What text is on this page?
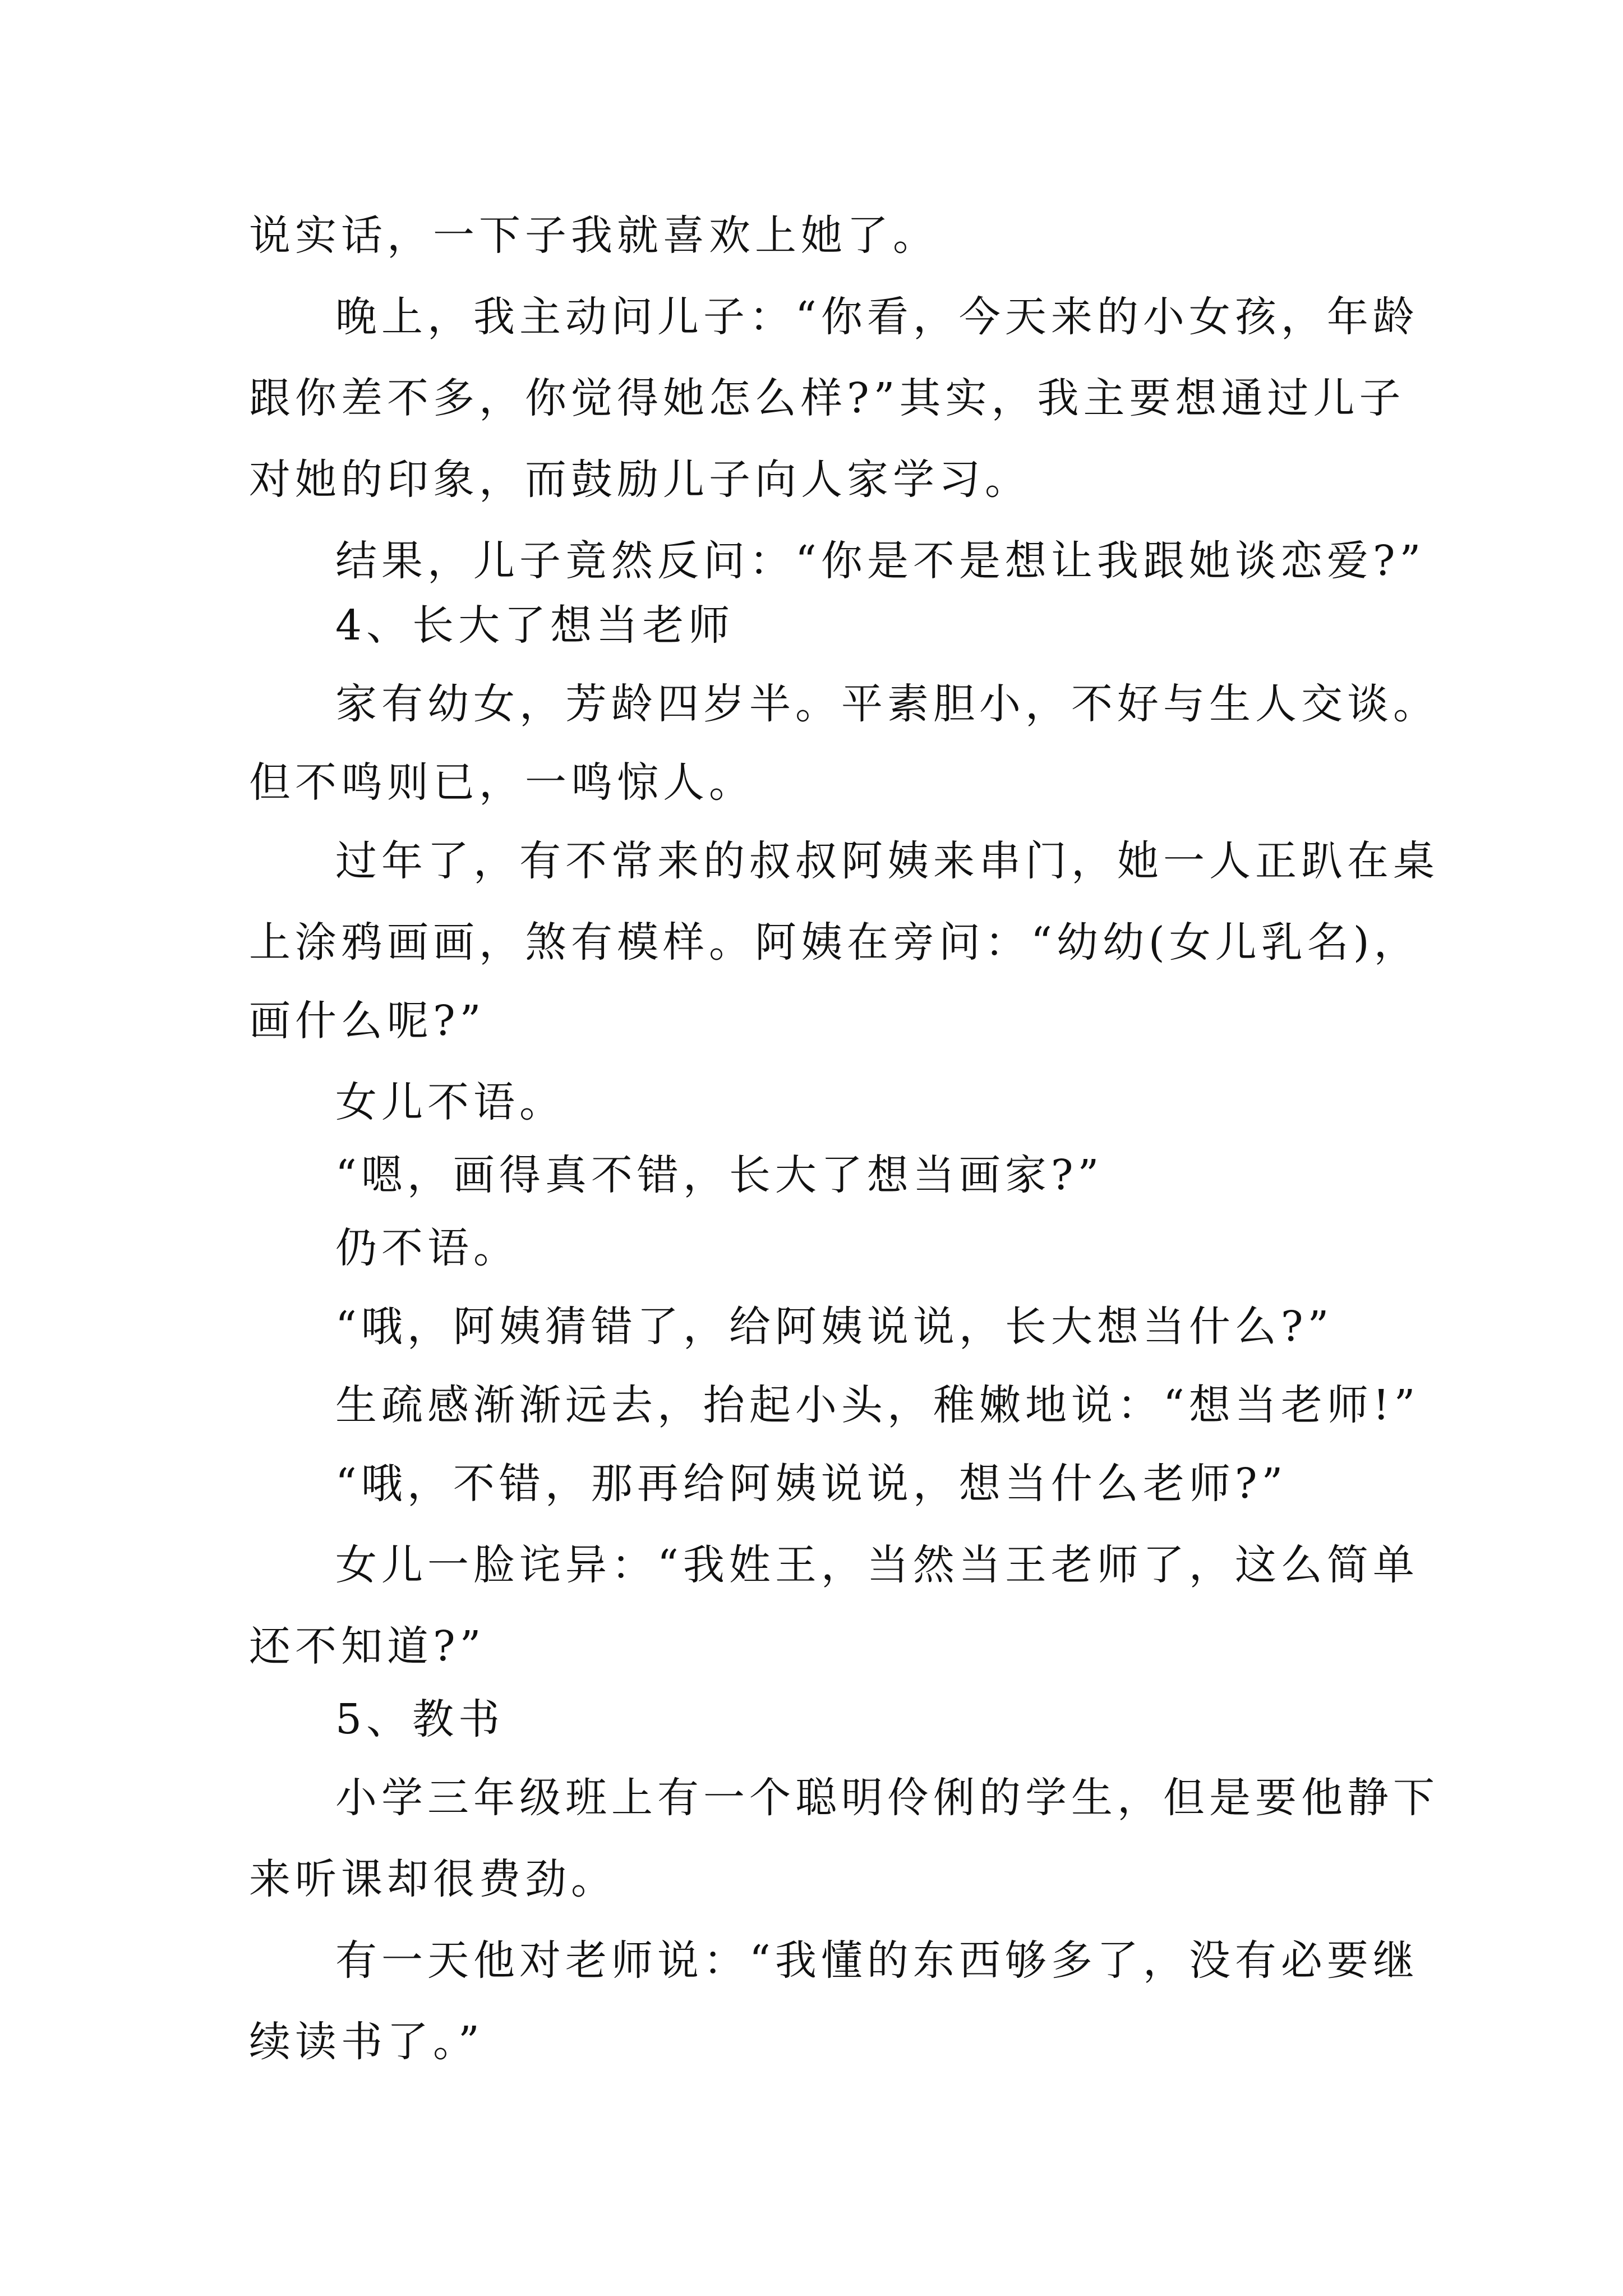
说实话，一下子我就喜欢上她了。
晚上，我主动问儿子：“你看，今天来的小女孩，年龄
跟你差不多，你觉得她怎么样?”其实，我主要想通过儿子
对她的印象，而鼓励儿子向人家学习。
结果，儿子竟然反问：“你是不是想让我跟她谈恋爱?”
4、长大了想当老师
家有幼女，芳龄四岁半。平素胆小，不好与生人交谈。
但不鸣则已，一鸣惊人。
过年了，有不常来的叔叔阿姨来串门，她一人正趴在桌
上涂鸦画画，煞有模样。阿姨在旁问：“幼幼(女儿乳名)，
画什么呢?”
女儿不语。
“嗯，画得真不错，长大了想当画家?”
仍不语。
“哦，阿姨猜错了，给阿姨说说，长大想当什么?”
生疏感渐渐远去，抬起小头，稚嫩地说：“想当老师!”
“哦，不错，那再给阿姨说说，想当什么老师?”
女儿一脸诧异：“我姓王，当然当王老师了，这么简单
还不知道?”
5、教书
小学三年级班上有一个聪明伶俐的学生，但是要他静下
来听课却很费劲。
有一天他对老师说：“我懂的东西够多了，没有必要继
续读书了。”
